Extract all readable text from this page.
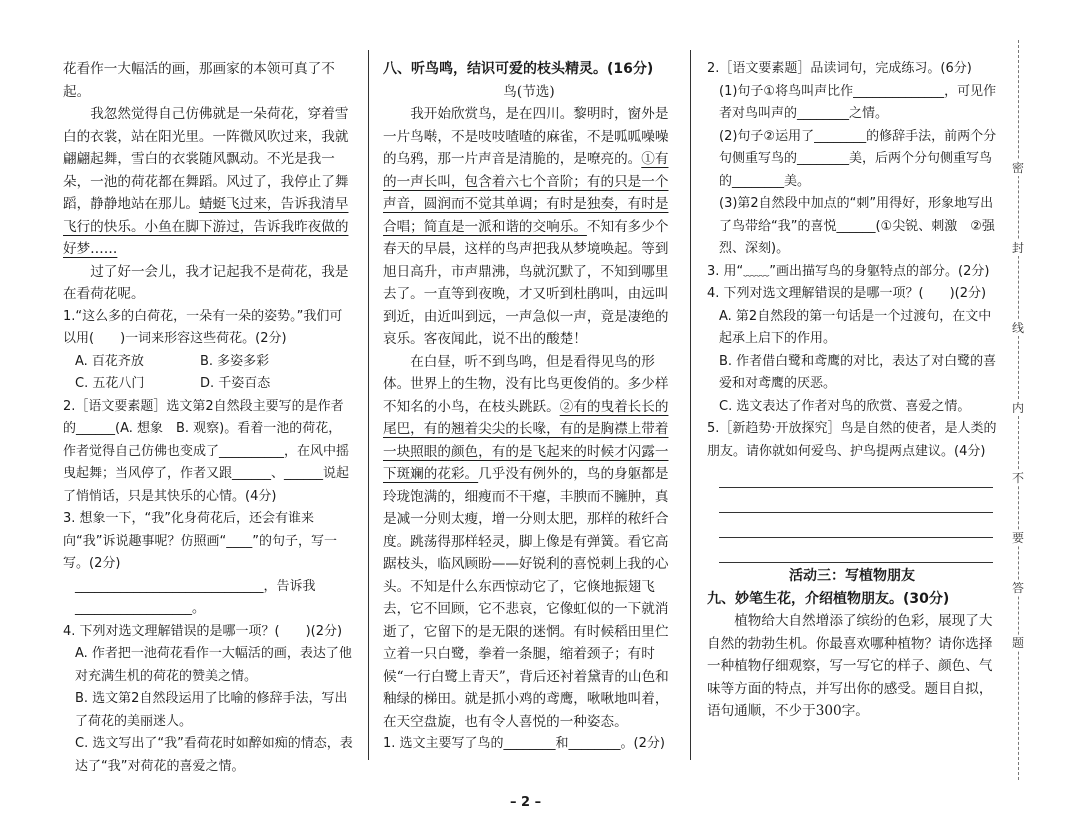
密
封
线
内
不
要
答
题

花看作一大幅活的画，那画家的本领可真了不起。

我忽然觉得自己仿佛就是一朵荷花，穿着雪白的衣裳，站在阳光里。一阵微风吹过来，我就翩翩起舞，雪白的衣裳随风飘动。不光是我一朵，一池的荷花都在舞蹈。风过了，我停止了舞蹈，静静地站在那儿。蜻蜓飞过来，告诉我清早飞行的快乐。小鱼在脚下游过，告诉我昨夜做的好梦……

过了好一会儿，我才记起我不是荷花，我是在看荷花呢。

1.“这么多的白荷花，一朵有一朵的姿势。”我们可以用(　　)一词来形容这些荷花。(2分)

A. 百花齐放	B. 多姿多彩
C. 五花八门	D. 千姿百态

2.［语文要素题］选文第2自然段主要写的是作者的______(A. 想象　B. 观察)。看着一池的荷花，作者觉得自己仿佛也变成了__________，在风中摇曳起舞；当风停了，作者又跟______、______说起了悄悄话，只是其快乐的心情。(4分)

3. 想象一下，“我”化身荷花后，还会有谁来向“我”诉说趣事呢？仿照画“____”的句子，写一写。(2分)

_____________________________，告诉我__________________。

4. 下列对选文理解错误的是哪一项？(　　)(2分)

A. 作者把一池荷花看作一大幅活的画，表达了他对充满生机的荷花的赞美之情。

B. 选文第2自然段运用了比喻的修辞手法，写出了荷花的美丽迷人。

C. 选文写出了“我”看荷花时如醉如痴的情态，表达了“我”对荷花的喜爱之情。

八、听鸟鸣，结识可爱的枝头精灵。(16分)

鸟(节选)

我开始欣赏鸟，是在四川。黎明时，窗外是一片鸟啭，不是吱吱喳喳的麻雀，不是呱呱噪噪的乌鸦，那一片声音是清脆的，是嘹亮的。①有的一声长叫，包含着六七个音阶；有的只是一个声音，圆润而不觉其单调；有时是独奏，有时是合唱；简直是一派和谐的交响乐。不知有多少个春天的早晨，这样的鸟声把我从梦境唤起。等到旭日高升，市声鼎沸，鸟就沉默了，不知到哪里去了。一直等到夜晚，才又听到杜鹃叫，由远叫到近，由近叫到远，一声急似一声，竟是凄绝的哀乐。客夜闻此，说不出的酸楚！

在白昼，听不到鸟鸣，但是看得见鸟的形体。世界上的生物，没有比鸟更俊俏的。多少样不知名的小鸟，在枝头跳跃。②有的曳着长长的尾巴，有的翘着尖尖的长喙，有的是胸襟上带着一块照眼的颜色，有的是飞起来的时候才闪露一下斑斓的花彩。几乎没有例外的，鸟的身躯都是玲珑饱满的，细瘦而不干瘪，丰腴而不臃肿，真是减一分则太瘦，增一分则太肥，那样的秾纤合度。跳荡得那样轻灵，脚上像是有弹簧。看它高踞枝头，临风顾盼——好锐利的喜悦刺上我的心头。不知是什么东西惊动它了，它倏地振翅飞去，它不回顾，它不悲哀，它像虹似的一下就消逝了，它留下的是无限的迷惘。有时候稻田里伫立着一只白鹭，拳着一条腿，缩着颈子；有时候“一行白鹭上青天”，背后还衬着黛青的山色和釉绿的梯田。就是抓小鸡的鸢鹰，啾啾地叫着，在天空盘旋，也有令人喜悦的一种姿态。

1. 选文主要写了鸟的________和________。(2分)

2.［语文要素题］品读词句，完成练习。(6分)

(1)句子①将鸟叫声比作______________，可见作者对鸟叫声的________之情。

(2)句子②运用了________的修辞手法，前两个分句侧重写鸟的________美，后两个分句侧重写鸟的________美。

(3)第2自然段中加点的“刺”用得好，形象地写出了鸟带给“我”的喜悦______(①尖锐、刺激　②强烈、深刻)。

3. 用“﹏﹏”画出描写鸟的身躯特点的部分。(2分)

4. 下列对选文理解错误的是哪一项？(　　)(2分)

A. 第2自然段的第一句话是一个过渡句，在文中起承上启下的作用。

B. 作者借白鹭和鸢鹰的对比，表达了对白鹭的喜爱和对鸢鹰的厌恶。

C. 选文表达了作者对鸟的欣赏、喜爱之情。

5.［新趋势·开放探究］鸟是自然的使者，是人类的朋友。请你就如何爱鸟、护鸟提两点建议。(4分)

活动三：写植物朋友

九、妙笔生花，介绍植物朋友。(30分)

植物给大自然增添了缤纷的色彩，展现了大自然的勃勃生机。你最喜欢哪种植物？请你选择一种植物仔细观察，写一写它的样子、颜色、气味等方面的特点，并写出你的感受。题目自拟，语句通顺，不少于300字。

– 2 –
